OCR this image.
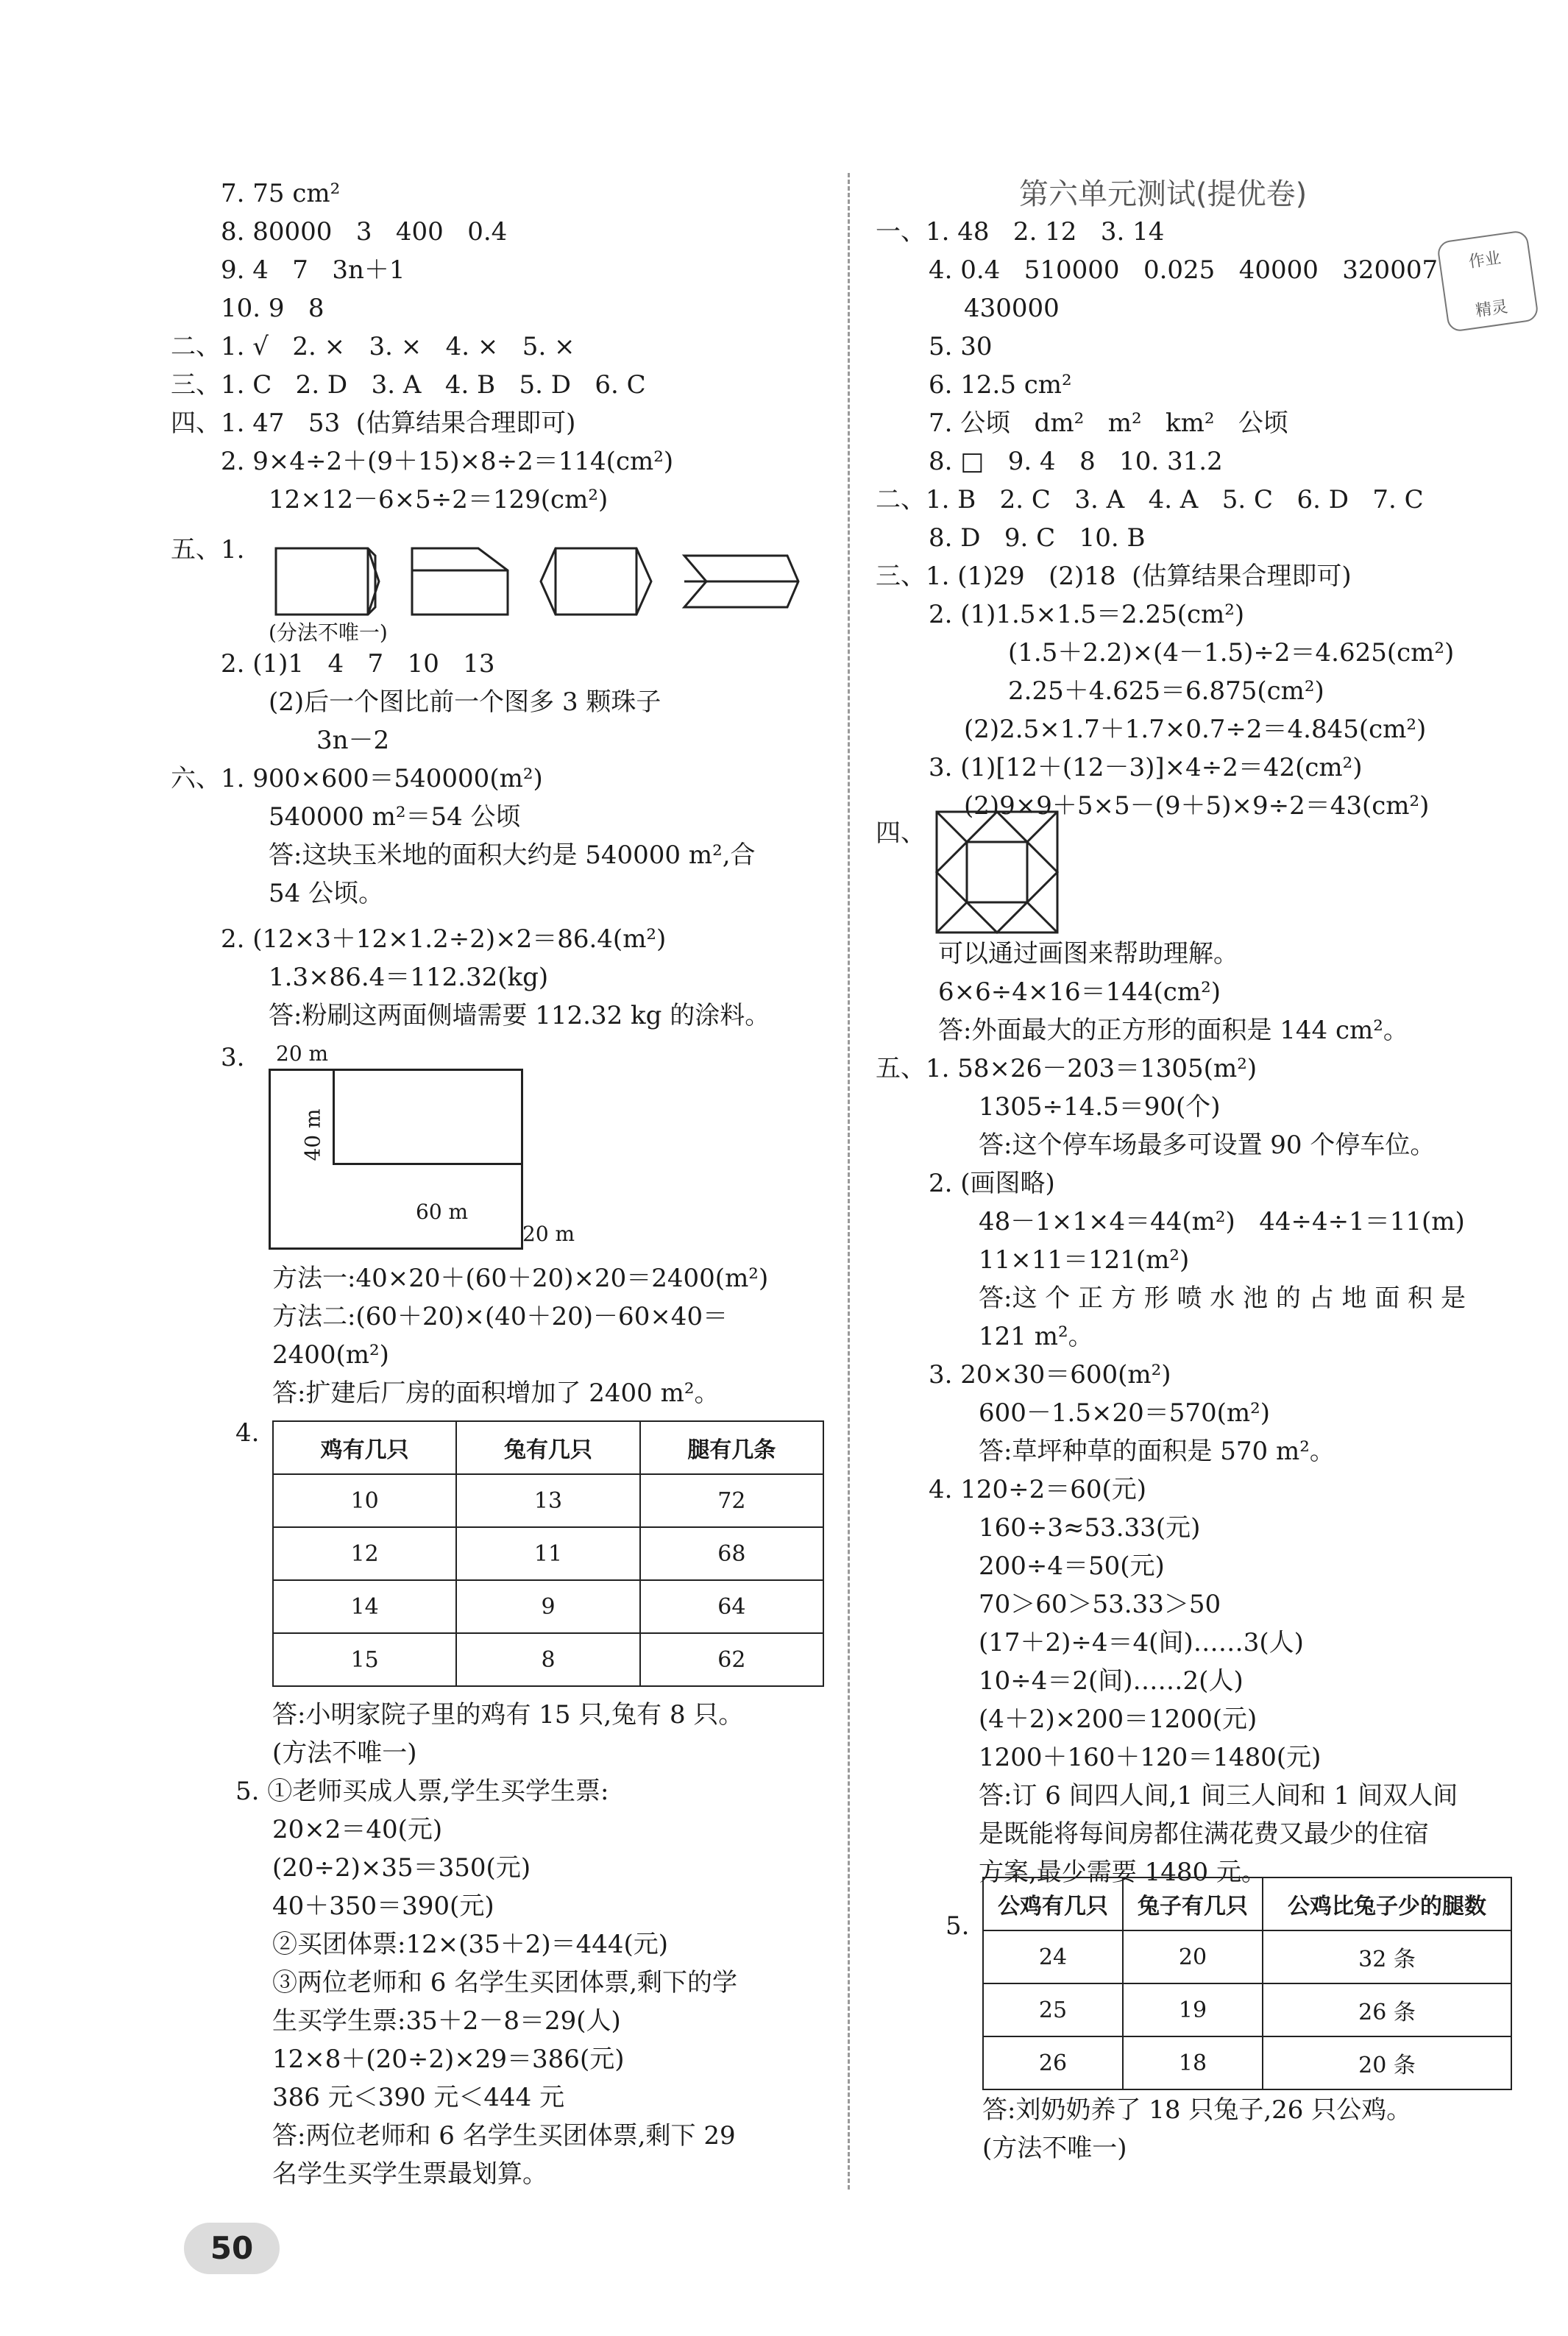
7. 75 cm²
8. 80000   3   400   0.4
9. 4   7   3n＋1
10. 9   8
二、1. √   2. ×   3. ×   4. ×   5. ×
三、1. C   2. D   3. A   4. B   5. D   6. C
四、1. 47   53  (估算结果合理即可)
2. 9×4÷2＋(9＋15)×8÷2＝114(cm²)
12×12－6×5÷2＝129(cm²)
五、1.
(分法不唯一)
2. (1)1   4   7   10   13
(2)后一个图比前一个图多 3 颗珠子
3n－2
六、1. 900×600＝540000(m²)
540000 m²＝54 公顷
答:这块玉米地的面积大约是 540000 m²,合
54 公顷。
2. (12×3＋12×1.2÷2)×2＝86.4(m²)
1.3×86.4＝112.32(kg)
答:粉刷这两面侧墙需要 112.32 kg 的涂料。
3. 20 m
40 m
60 m
20 m
方法一:40×20＋(60＋20)×20＝2400(m²)
方法二:(60＋20)×(40＋20)－60×40＝
2400(m²)
答:扩建后厂房的面积增加了 2400 m²。
4.
鸡有几只	兔有几只	腿有几条
10	13	72
12	11	68
14	9	64
15	8	62
答:小明家院子里的鸡有 15 只,兔有 8 只。
(方法不唯一)
5. ①老师买成人票,学生买学生票:
20×2＝40(元)
(20÷2)×35＝350(元)
40＋350＝390(元)
②买团体票:12×(35＋2)＝444(元)
③两位老师和 6 名学生买团体票,剩下的学
生买学生票:35＋2－8＝29(人)
12×8＋(20÷2)×29＝386(元)
386 元＜390 元＜444 元
答:两位老师和 6 名学生买团体票,剩下 29
名学生买学生票最划算。
第六单元测试(提优卷)
作业
精灵
一、1. 48   2. 12   3. 14
4. 0.4   510000   0.025   40000   320007
430000
5. 30
6. 12.5 cm²
7. 公顷   dm²   m²   km²   公顷
8. □   9. 4   8   10. 31.2
二、1. B   2. C   3. A   4. A   5. C   6. D   7. C
8. D   9. C   10. B
三、1. (1)29   (2)18  (估算结果合理即可)
2. (1)1.5×1.5＝2.25(cm²)
(1.5＋2.2)×(4－1.5)÷2＝4.625(cm²)
2.25＋4.625＝6.875(cm²)
(2)2.5×1.7＋1.7×0.7÷2＝4.845(cm²)
3. (1)[12＋(12－3)]×4÷2＝42(cm²)
(2)9×9＋5×5－(9＋5)×9÷2＝43(cm²)
四、
可以通过画图来帮助理解。
6×6÷4×16＝144(cm²)
答:外面最大的正方形的面积是 144 cm²。
五、1. 58×26－203＝1305(m²)
1305÷14.5＝90(个)
答:这个停车场最多可设置 90 个停车位。
2. (画图略)
48－1×1×4＝44(m²)   44÷4÷1＝11(m)
11×11＝121(m²)
答:这 个 正 方 形 喷 水 池 的 占 地 面 积 是
121 m²。
3. 20×30＝600(m²)
600－1.5×20＝570(m²)
答:草坪种草的面积是 570 m²。
4. 120÷2＝60(元)
160÷3≈53.33(元)
200÷4＝50(元)
70＞60＞53.33＞50
(17＋2)÷4＝4(间)……3(人)
10÷4＝2(间)……2(人)
(4＋2)×200＝1200(元)
1200＋160＋120＝1480(元)
答:订 6 间四人间,1 间三人间和 1 间双人间
是既能将每间房都住满花费又最少的住宿
方案,最少需要 1480 元。
5.
公鸡有几只	兔子有几只	公鸡比兔子少的腿数
24	20	32 条
25	19	26 条
26	18	20 条
答:刘奶奶养了 18 只兔子,26 只公鸡。
(方法不唯一)
50
